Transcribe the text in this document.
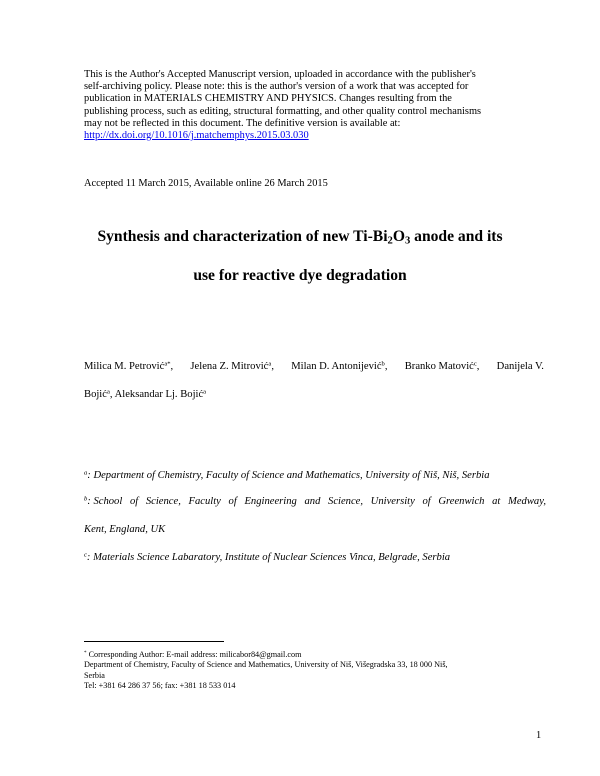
This is the Author's Accepted Manuscript version, uploaded in accordance with the publisher's

self-archiving policy. Please note: this is the author's version of a work that was accepted for

publication in MATERIALS CHEMISTRY AND PHYSICS. Changes resulting from the

publishing process, such as editing, structural formatting, and other quality control mechanisms

may not be reflected in this document. The definitive version is available at:

http://dx.doi.org/10.1016/j.matchemphys.2015.03.030

Accepted 11 March 2015, Available online 26 March 2015
Synthesis and characterization of new $Ti-Bi_2O_3$ anode and its
use for reactive dye degradation
Milica M. Petrović$^{a*}$, Jelena Z. Mitrović$^a$, Milan D. Antonijević$^b$, Branko Matović$^c$, Danijela V.
Bojić$^a$, Aleksandar Lj. Bojić$^a$
$^a$: Department of Chemistry, Faculty of Science and Mathematics, University of Niš, Niš, Serbia
$^b$: School of Science, Faculty of Engineering and Science, University of Greenwich at Medway,
Kent, England, UK
$^c$: Materials Science Labaratory, Institute of Nuclear Sciences Vinca, Belgrade, Serbia

* Corresponding Author: E-mail address: milicabor84@gmail.com

Department of Chemistry, Faculty of Science and Mathematics, University of Niš, Višegradska 33, 18 000 Niš,

Serbia

Tel: +381 64 286 37 56; fax: +381 18 533 014

1
